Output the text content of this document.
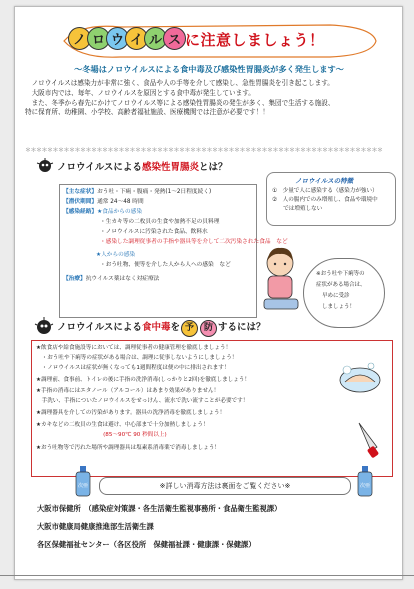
ノ ロ ウ イ ル ス に注意しましょう！
～冬場はノロウイルスによる食中毒及び感染性胃腸炎が多く発生します～
　ノロウイルスは感染力が非常に強く、食品や人の手等を介して感染し、急性胃腸炎を引き起こします。
　大阪市内では、毎年、ノロウイルスを原因とする食中毒が発生しています。
　また、冬季から春先にかけてノロウイルス等による感染性胃腸炎の発生が多く、集団で生活する施設、
特に保育所、幼稚園、小学校、高齢者福祉施設、医療機関では注意が必要です！！
＊＊＊＊＊＊＊＊＊＊＊＊＊＊＊＊＊＊＊＊＊＊＊＊＊＊＊＊＊＊＊＊＊＊＊＊＊＊＊＊＊＊＊＊＊＊＊＊＊＊＊＊＊＊＊＊＊＊＊＊＊＊＊＊＊
ノロウイルスによる感染性胃腸炎とは？
【主な症状】おう吐・下痢・腹痛・発熱(1～2日程度続く)
【潜伏期間】通常 24～48 時間
【感染経路】★食品からの感染
・生カキ等の二枚貝の生食や加熱不足の貝料理
・ノロウイルスに汚染された食品、飲料水
・感染した調理従事者の手指や器具等を介して二次汚染された食品　など
★人からの感染
・おう吐物、便等を介した人から人への感染　など
【治療】抗ウイルス薬はなく対症療法
ノロウイルスの特徴
①　少量で人に感染する（感染力が強い）
②　人の腸内でのみ増殖し、食品や環境中
　　では増殖しない
※おう吐や下痢等の
症状がある場合は、
早めに受診
しましょう！
ノロウイルスによる食中毒を 予 防 するには？
★飲食店や給食施設等においては、調理従事者の健康管理を徹底しましょう！
　・おう吐や下痢等の症状がある場合は、調理に従事しないようにしましょう！
　・ノロウイルスは症状が無くなっても1週間程度は便の中に排出されます！
★調理前、食事前、トイレの後に手指の洗浄消毒(しっかりと2回)を徹底しましょう！
★手指の消毒にはエタノール（アルコール）はあまり効果がありません！
　手洗い、手指についたノロウイルスをせっけん、流水で洗い流すことが必要です！
★調理器具を介しての汚染があります。器具の洗浄消毒を徹底しましょう！
★カキなどの二枚貝の生食は避け、中心部まで十分加熱しましょう！
　　　　　　　　　　　　(85～90℃ 90 秒間以上)
★おう吐物等で汚れた場所や調理器具は塩素系消毒薬で消毒しましょう！
次亜	次亜
※詳しい消毒方法は裏面をご覧ください※
大阪市保健所　（感染症対策課・各生活衛生監視事務所・食品衛生監視課）
大阪市健康局健康推進部生活衛生課
各区保健福祉センター（各区役所　保健福祉課・健康課・保健課）
